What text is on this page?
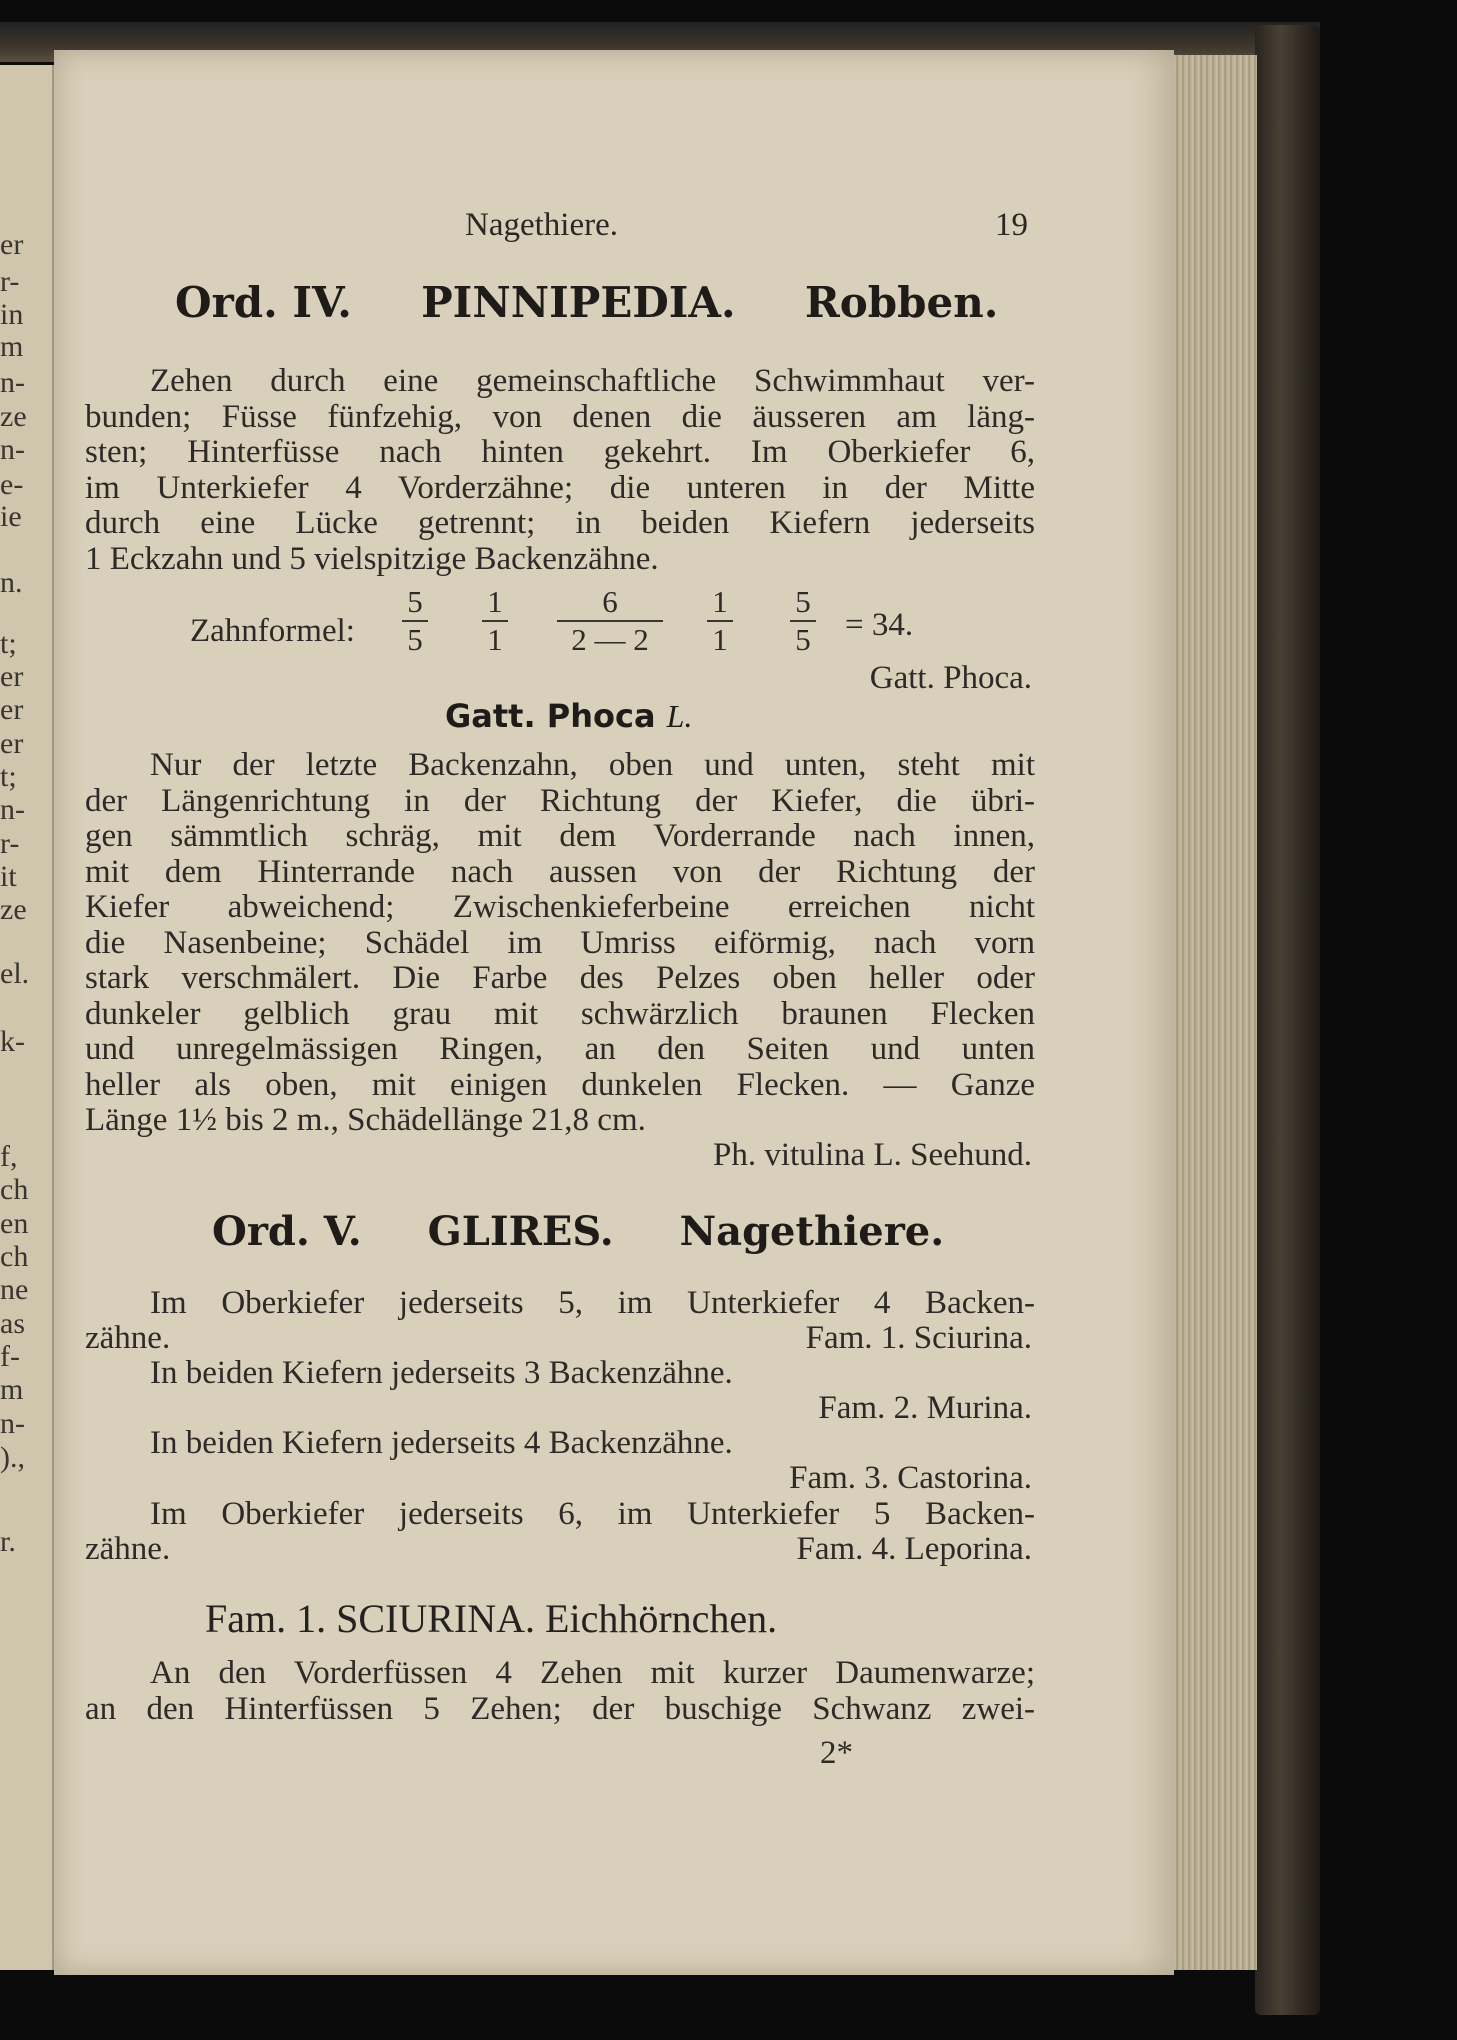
er
r-
in
m
n-
ze
n-
e-
ie
n.
t;
er
er
er
t;
n-
r-
it
ze
el.
k-
f,
ch
en
ch
ne
as
f-
m
n-
).,
r.
Nagethiere.	19
Ord. IV. PINNIPEDIA. Robben.
Zehen durch eine gemeinschaftliche Schwimmhaut ver-
bunden; Füsse fünfzehig, von denen die äusseren am läng-
sten; Hinterfüsse nach hinten gekehrt. Im Oberkiefer 6,
im Unterkiefer 4 Vorderzähne; die unteren in der Mitte
durch eine Lücke getrennt; in beiden Kiefern jederseits
1 Eckzahn und 5 vielspitzige Backenzähne.
Zahnformel:
5
5
1
1
6
2 — 2
1
1
5
5 = 34.
Gatt. Phoca.
Gatt. Phoca L.
Nur der letzte Backenzahn, oben und unten, steht mit
der Längenrichtung in der Richtung der Kiefer, die übri-
gen sämmtlich schräg, mit dem Vorderrande nach innen,
mit dem Hinterrande nach aussen von der Richtung der
Kiefer abweichend; Zwischenkieferbeine erreichen nicht
die Nasenbeine; Schädel im Umriss eiförmig, nach vorn
stark verschmälert. Die Farbe des Pelzes oben heller oder
dunkeler gelblich grau mit schwärzlich braunen Flecken
und unregelmässigen Ringen, an den Seiten und unten
heller als oben, mit einigen dunkelen Flecken. — Ganze
Länge 1½ bis 2 m., Schädellänge 21,8 cm.
Ph. vitulina L. Seehund.
Ord. V. GLIRES. Nagethiere.
Im Oberkiefer jederseits 5, im Unterkiefer 4 Backen-
zähne.	Fam. 1. Sciurina.
In beiden Kiefern jederseits 3 Backenzähne.
Fam. 2. Murina.
In beiden Kiefern jederseits 4 Backenzähne.
Fam. 3. Castorina.
Im Oberkiefer jederseits 6, im Unterkiefer 5 Backen-
zähne.	Fam. 4. Leporina.
Fam. 1. SCIURINA. Eichhörnchen.
An den Vorderfüssen 4 Zehen mit kurzer Daumenwarze;
an den Hinterfüssen 5 Zehen; der buschige Schwanz zwei-
2*
